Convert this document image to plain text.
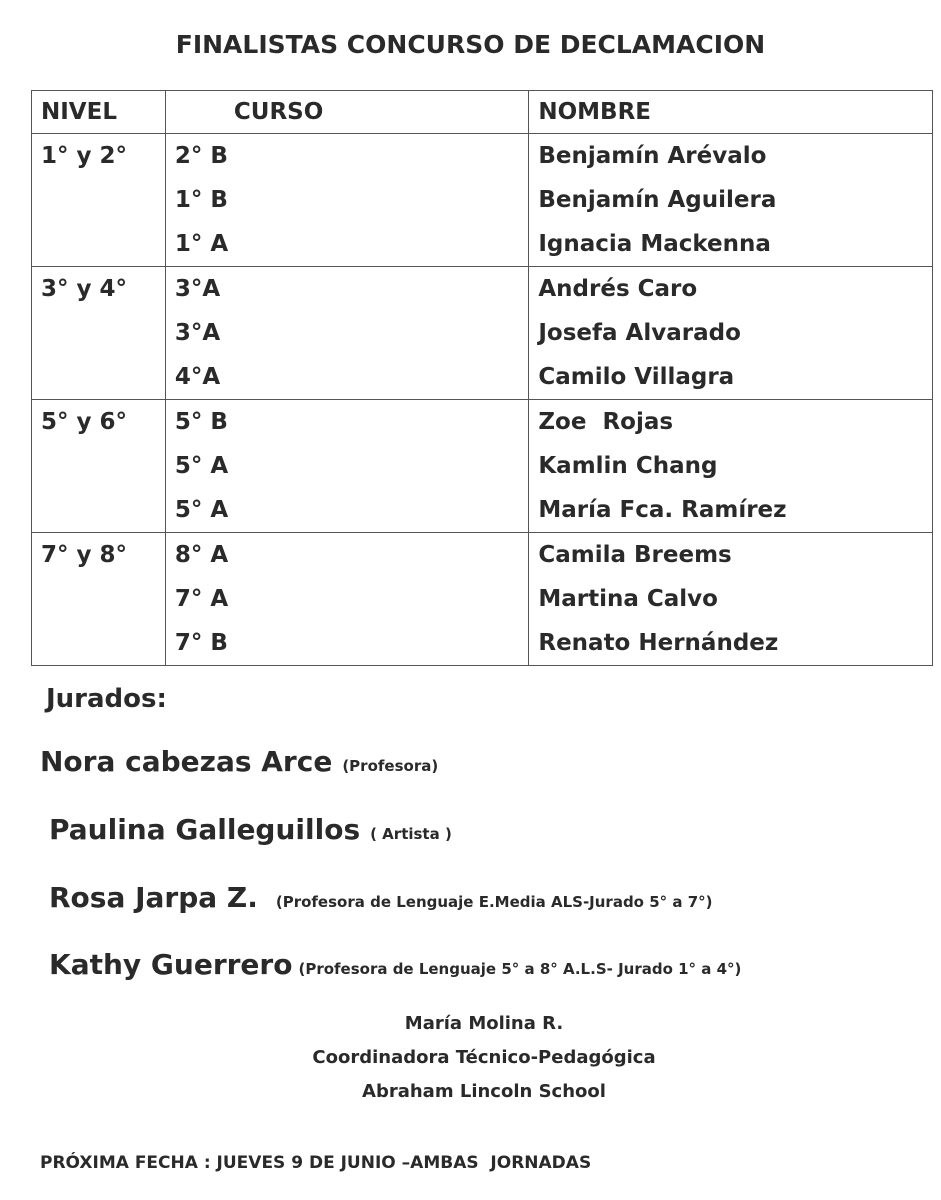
FINALISTAS CONCURSO DE DECLAMACION
NIVEL	CURSO	NOMBRE
1° y 2°	2° B	Benjamín Arévalo
	1° B	Benjamín Aguilera
	1° A	Ignacia Mackenna
3° y 4°	3°A	Andrés Caro
	3°A	Josefa Alvarado
	4°A	Camilo Villagra
5° y 6°	5° B	Zoe  Rojas
	5° A	Kamlin Chang
	5° A	María Fca. Ramírez
7° y 8°	8° A	Camila Breems
	7° A	Martina Calvo
	7° B	Renato Hernández
Jurados:
Nora cabezas Arce (Profesora)
Paulina Galleguillos ( Artista )
Rosa Jarpa Z. (Profesora de Lenguaje E.Media ALS-Jurado 5° a 7°)
Kathy Guerrero (Profesora de Lenguaje 5° a 8° A.L.S- Jurado 1° a 4°)
María Molina R.
Coordinadora Técnico-Pedagógica
Abraham Lincoln School
PRÓXIMA FECHA : JUEVES 9 DE JUNIO –AMBAS  JORNADAS
